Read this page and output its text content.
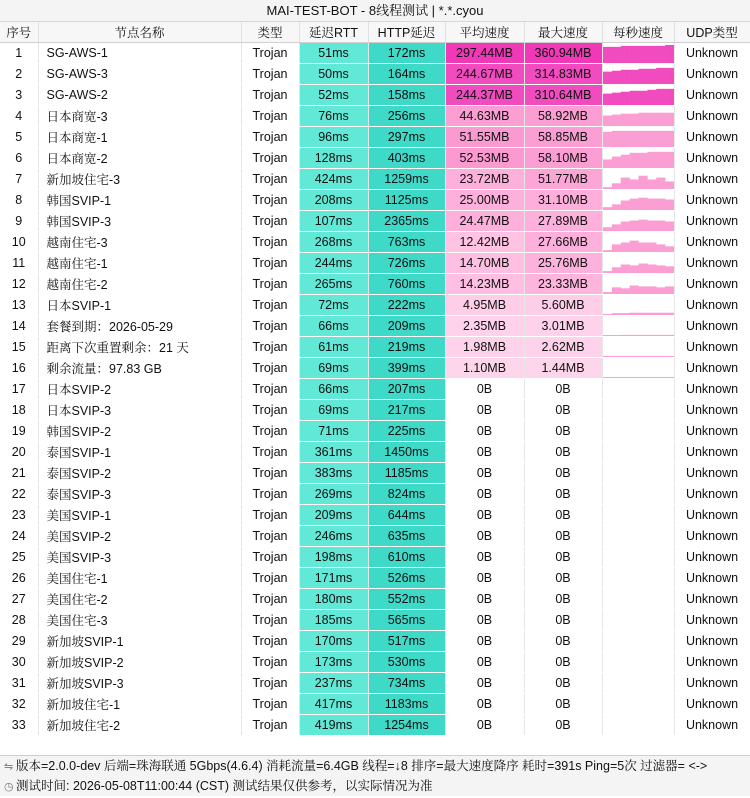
MAI-TEST-BOT - 8线程测试 | *.*.cyou
序号	节点名称	类型	延迟RTT	HTTP延迟	平均速度	最大速度	每秒速度	UDP类型
1	SG-AWS-1	Trojan	51ms	172ms	297.44MB	360.94MB		Unknown
2	SG-AWS-3	Trojan	50ms	164ms	244.67MB	314.83MB		Unknown
3	SG-AWS-2	Trojan	52ms	158ms	244.37MB	310.64MB		Unknown
4	日本商宽-3	Trojan	76ms	256ms	44.63MB	58.92MB		Unknown
5	日本商宽-1	Trojan	96ms	297ms	51.55MB	58.85MB		Unknown
6	日本商宽-2	Trojan	128ms	403ms	52.53MB	58.10MB		Unknown
7	新加坡住宅-3	Trojan	424ms	1259ms	23.72MB	51.77MB		Unknown
8	韩国SVIP-1	Trojan	208ms	1125ms	25.00MB	31.10MB		Unknown
9	韩国SVIP-3	Trojan	107ms	2365ms	24.47MB	27.89MB		Unknown
10	越南住宅-3	Trojan	268ms	763ms	12.42MB	27.66MB		Unknown
11	越南住宅-1	Trojan	244ms	726ms	14.70MB	25.76MB		Unknown
12	越南住宅-2	Trojan	265ms	760ms	14.23MB	23.33MB		Unknown
13	日本SVIP-1	Trojan	72ms	222ms	4.95MB	5.60MB		Unknown
14	套餐到期：2026-05-29	Trojan	66ms	209ms	2.35MB	3.01MB		Unknown
15	距离下次重置剩余：21 天	Trojan	61ms	219ms	1.98MB	2.62MB		Unknown
16	剩余流量：97.83 GB	Trojan	69ms	399ms	1.10MB	1.44MB		Unknown
17	日本SVIP-2	Trojan	66ms	207ms	0B	0B		Unknown
18	日本SVIP-3	Trojan	69ms	217ms	0B	0B		Unknown
19	韩国SVIP-2	Trojan	71ms	225ms	0B	0B		Unknown
20	泰国SVIP-1	Trojan	361ms	1450ms	0B	0B		Unknown
21	泰国SVIP-2	Trojan	383ms	1185ms	0B	0B		Unknown
22	泰国SVIP-3	Trojan	269ms	824ms	0B	0B		Unknown
23	美国SVIP-1	Trojan	209ms	644ms	0B	0B		Unknown
24	美国SVIP-2	Trojan	246ms	635ms	0B	0B		Unknown
25	美国SVIP-3	Trojan	198ms	610ms	0B	0B		Unknown
26	美国住宅-1	Trojan	171ms	526ms	0B	0B		Unknown
27	美国住宅-2	Trojan	180ms	552ms	0B	0B		Unknown
28	美国住宅-3	Trojan	185ms	565ms	0B	0B		Unknown
29	新加坡SVIP-1	Trojan	170ms	517ms	0B	0B		Unknown
30	新加坡SVIP-2	Trojan	173ms	530ms	0B	0B		Unknown
31	新加坡SVIP-3	Trojan	237ms	734ms	0B	0B		Unknown
32	新加坡住宅-1	Trojan	417ms	1183ms	0B	0B		Unknown
33	新加坡住宅-2	Trojan	419ms	1254ms	0B	0B		Unknown
⇋ 版本=2.0.0-dev 后端=珠海联通 5Gbps(4.6.4) 消耗流量=6.4GB 线程=↓8 排序=最大速度降序 耗时=391s Ping=5次 过滤器= <->
◷ 测试时间: 2026-05-08T11:00:44 (CST) 测试结果仅供参考，以实际情况为准
